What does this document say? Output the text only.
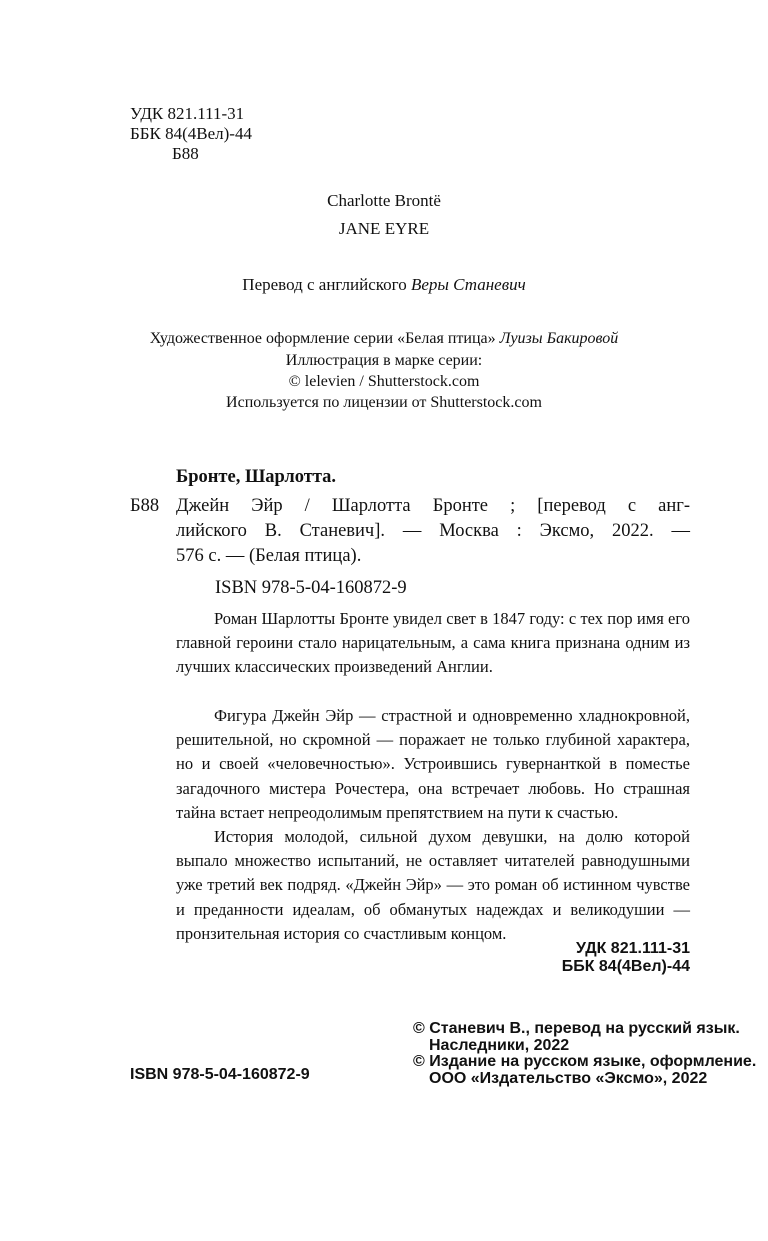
УДК 821.111-31
ББК 84(4Вел)-44
Б88
Charlotte Brontë
JANE EYRE
Перевод с английского Веры Станевич
Художественное оформление серии «Белая птица» Луизы Бакировой
Иллюстрация в марке серии:
© lelevien / Shutterstock.com
Используется по лицензии от Shutterstock.com
Бронте, Шарлотта.
Б88 Джейн Эйр / Шарлотта Бронте ; [перевод с анг-
лийского В. Станевич]. — Москва : Эксмо, 2022. —
576 с. — (Белая птица).
ISBN 978-5-04-160872-9
Роман Шарлотты Бронте увидел свет в 1847 году: с тех пор имя его главной героини стало нарицательным, а сама книга признана одним из лучших классических произведений Англии.
Фигура Джейн Эйр — страстной и одновременно хладнокровной, решительной, но скромной — поражает не только глубиной характера, но и своей «человечностью». Устроившись гувернанткой в поместье загадочного мистера Рочестера, она встречает любовь. Но страшная тайна встает непреодолимым препятствием на пути к счастью.
История молодой, сильной духом девушки, на долю которой выпало множество испытаний, не оставляет читателей равнодушными уже третий век подряд. «Джейн Эйр» — это роман об истинном чувстве и преданности идеалам, об обманутых надеждах и великодушии — пронзительная история со счастливым концом.
УДК 821.111-31
ББК 84(4Вел)-44
ISBN 978-5-04-160872-9
© Станевич В., перевод на русский язык.
Наследники, 2022
© Издание на русском языке, оформление.
ООО «Издательство «Эксмо», 2022
